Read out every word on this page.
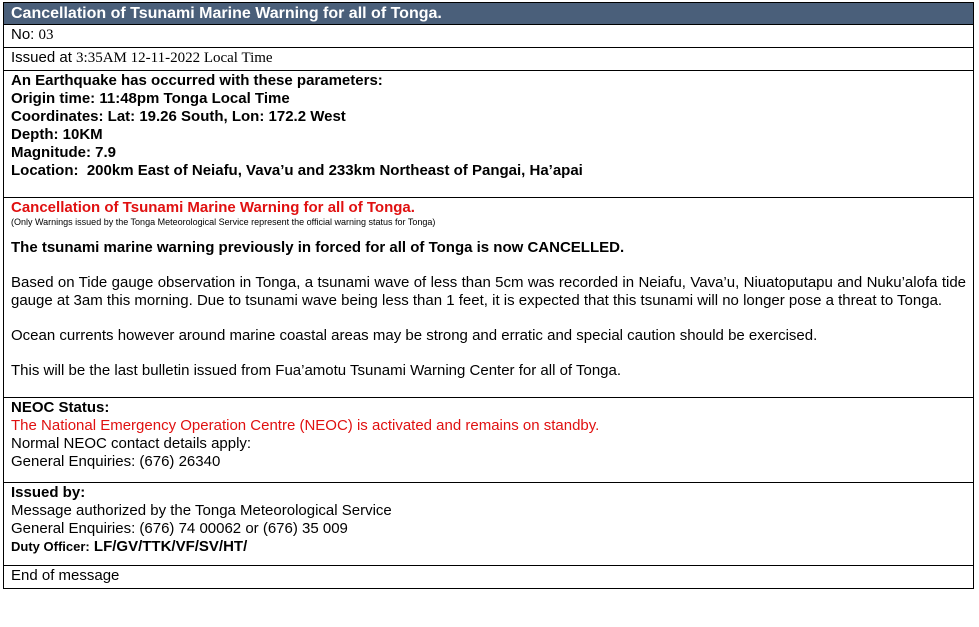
Cancellation of Tsunami Marine Warning for all of Tonga.
No: 03
Issued at 3:35AM 12-11-2022 Local Time
An Earthquake has occurred with these parameters:
Origin time: 11:48pm Tonga Local Time
Coordinates: Lat: 19.26 South, Lon: 172.2 West
Depth: 10KM
Magnitude: 7.9
Location:  200km East of Neiafu, Vava’u and 233km Northeast of Pangai, Ha’apai
Cancellation of Tsunami Marine Warning for all of Tonga.
(Only Warnings issued by the Tonga Meteorological Service represent the official warning status for Tonga)
The tsunami marine warning previously in forced for all of Tonga is now CANCELLED.

Based on Tide gauge observation in Tonga, a tsunami wave of less than 5cm was recorded in Neiafu, Vava’u, Niuatoputapu and Nuku’alofa tide gauge at 3am this morning. Due to tsunami wave being less than 1 feet, it is expected that this tsunami will no longer pose a threat to Tonga.

Ocean currents however around marine coastal areas may be strong and erratic and special caution should be exercised.
This will be the last bulletin issued from Fua’amotu Tsunami Warning Center for all of Tonga.
NEOC Status:
The National Emergency Operation Centre (NEOC) is activated and remains on standby.
Normal NEOC contact details apply:
General Enquiries: (676) 26340
Issued by:
Message authorized by the Tonga Meteorological Service
General Enquiries: (676) 74 00062 or (676) 35 009
Duty Officer: LF/GV/TTK/VF/SV/HT/
End of message
